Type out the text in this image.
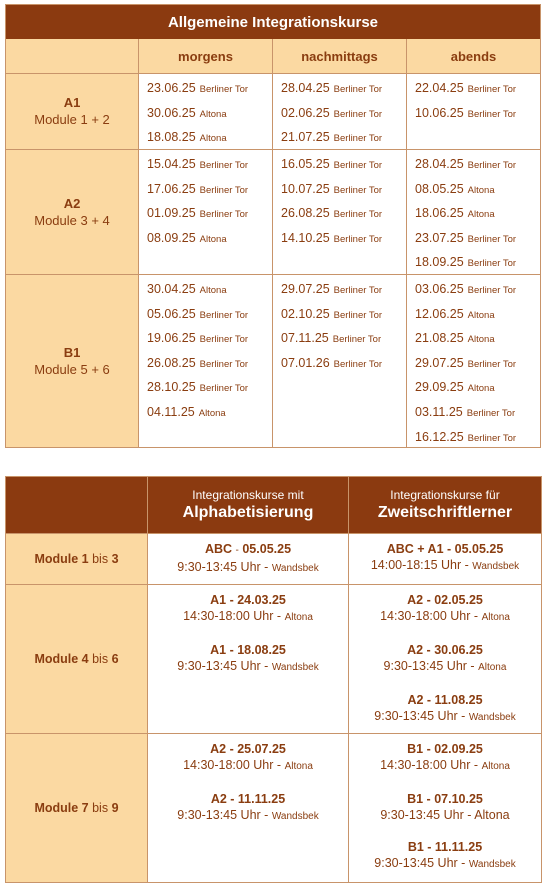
Allgemeine Integrationskurse
morgens	nachmittags	abends
A1
Module 1 + 2
23.06.25 Berliner Tor
30.06.25 Altona
18.08.25 Altona
28.04.25 Berliner Tor
02.06.25 Berliner Tor
21.07.25 Berliner Tor
22.04.25 Berliner Tor
10.06.25 Berliner Tor
A2
Module 3 + 4
15.04.25 Berliner Tor
17.06.25 Berliner Tor
01.09.25 Berliner Tor
08.09.25 Altona
16.05.25 Berliner Tor
10.07.25 Berliner Tor
26.08.25 Berliner Tor
14.10.25 Berliner Tor
28.04.25 Berliner Tor
08.05.25 Altona
18.06.25 Altona
23.07.25 Berliner Tor
18.09.25 Berliner Tor
B1
Module 5 + 6
30.04.25 Altona
05.06.25 Berliner Tor
19.06.25 Berliner Tor
26.08.25 Berliner Tor
28.10.25 Berliner Tor
04.11.25 Altona
29.07.25 Berliner Tor
02.10.25 Berliner Tor
07.11.25 Berliner Tor
07.01.26 Berliner Tor
03.06.25 Berliner Tor
12.06.25 Altona
21.08.25 Altona
29.07.25 Berliner Tor
29.09.25 Altona
03.11.25 Berliner Tor
16.12.25 Berliner Tor
Integrationskurse mit
Alphabetisierung
Integrationskurse für
Zweitschriftlerner
Module 1 bis 3
ABC - 05.05.25
9:30-13:45 Uhr - Wandsbek
ABC + A1 - 05.05.25
14:00-18:15 Uhr - Wandsbek
Module 4 bis 6
A1 - 24.03.25
14:30-18:00 Uhr - Altona
A1 - 18.08.25
9:30-13:45 Uhr - Wandsbek
A2 - 02.05.25
14:30-18:00 Uhr - Altona
A2 - 30.06.25
9:30-13:45 Uhr - Altona
A2 - 11.08.25
9:30-13:45 Uhr - Wandsbek
Module 7 bis 9
A2 - 25.07.25
14:30-18:00 Uhr - Altona
A2 - 11.11.25
9:30-13:45 Uhr - Wandsbek
B1 - 02.09.25
14:30-18:00 Uhr - Altona
B1 - 07.10.25
9:30-13:45 Uhr - Altona
B1 - 11.11.25
9:30-13:45 Uhr - Wandsbek
